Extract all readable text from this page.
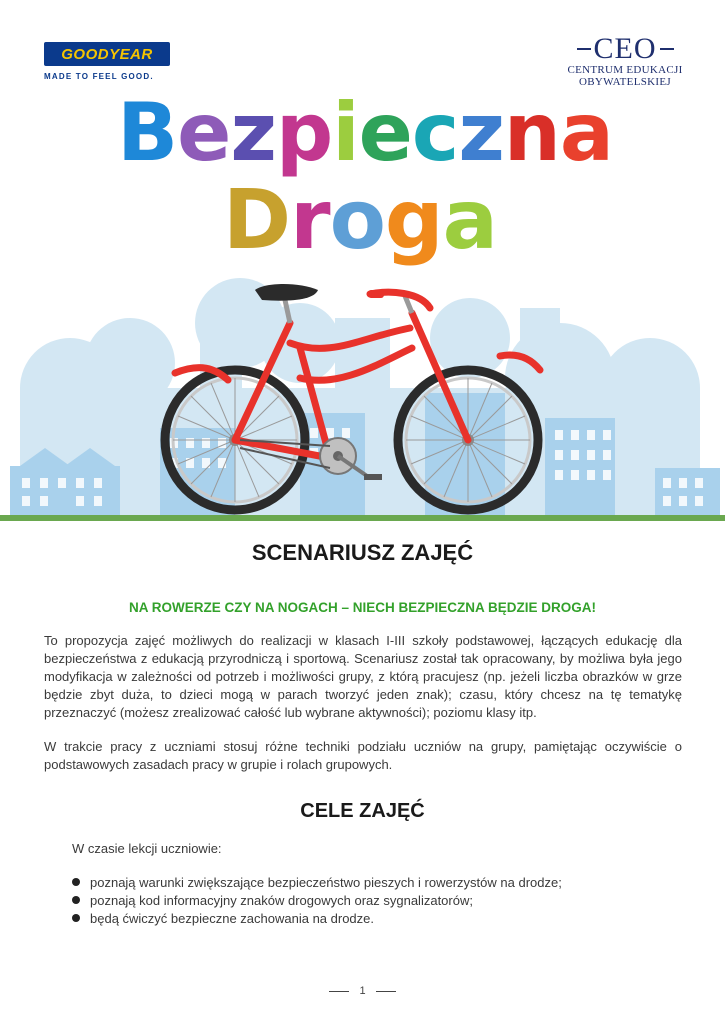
GOODYEAR
MADE TO FEEL GOOD.
CEO
CENTRUM EDUKACJI
OBYWATELSKIEJ
Bezpieczna
Droga
SCENARIUSZ ZAJĘĆ
NA ROWERZE CZY NA NOGACH – NIECH BEZPIECZNA BĘDZIE DROGA!

To propozycja zajęć możliwych do realizacji w klasach I-III szkoły podstawowej, łączących edukację dla bezpieczeństwa z edukacją przyrodniczą i sportową. Scenariusz został tak opracowany, by możliwa była jego modyfikacja w zależności od potrzeb i możliwości grupy, z którą pracujesz (np. jeżeli liczba obrazków w grze będzie zbyt duża, to dzieci mogą w parach tworzyć jeden znak); czasu, który chcesz na tę tematykę przeznaczyć (możesz zrealizować całość lub wybrane aktywności); poziomu klasy itp.

W trakcie pracy z uczniami stosuj różne techniki podziału uczniów na grupy, pamiętając oczywiście o podstawowych zasadach pracy w grupie i rolach grupowych.

CELE ZAJĘĆ

W czasie lekcji uczniowie:

poznają warunki zwiększające bezpieczeństwo pieszych i rowerzystów na drodze;
poznają kod informacyjny znaków drogowych oraz sygnalizatorów;
będą ćwiczyć bezpieczne zachowania na drodze.
1
